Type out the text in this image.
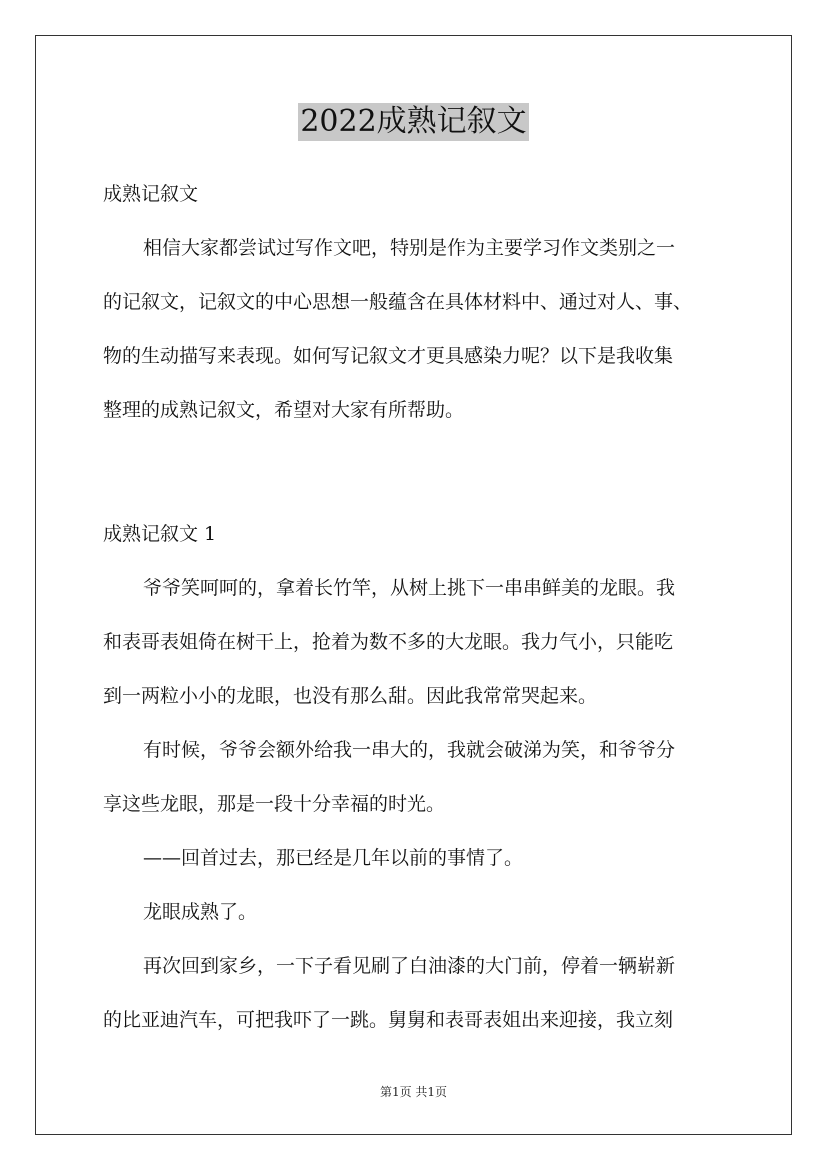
2022成熟记叙文
成熟记叙文
相信大家都尝试过写作文吧，特别是作为主要学习作文类别之一
的记叙文，记叙文的中心思想一般蕴含在具体材料中、通过对人、事、
物的生动描写来表现。如何写记叙文才更具感染力呢？以下是我收集
整理的成熟记叙文，希望对大家有所帮助。
成熟记叙文 1
爷爷笑呵呵的，拿着长竹竿，从树上挑下一串串鲜美的龙眼。我
和表哥表姐倚在树干上，抢着为数不多的大龙眼。我力气小，只能吃
到一两粒小小的龙眼，也没有那么甜。因此我常常哭起来。
有时候，爷爷会额外给我一串大的，我就会破涕为笑，和爷爷分
享这些龙眼，那是一段十分幸福的时光。
——回首过去，那已经是几年以前的事情了。
龙眼成熟了。
再次回到家乡，一下子看见刷了白油漆的大门前，停着一辆崭新
的比亚迪汽车，可把我吓了一跳。舅舅和表哥表姐出来迎接，我立刻
第1页 共1页
